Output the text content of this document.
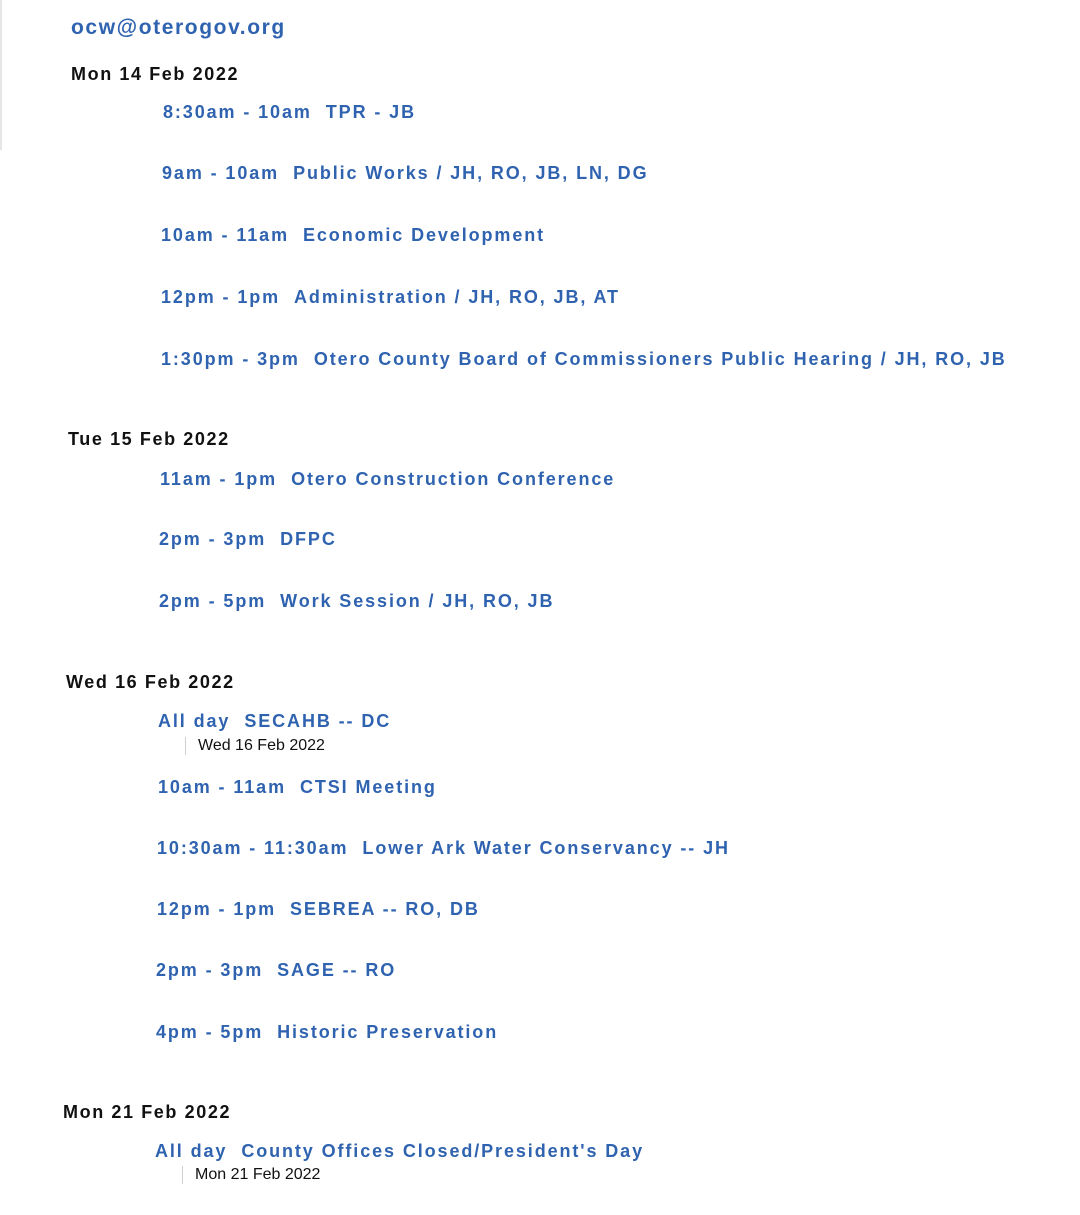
ocw@oterogov.org
Mon 14 Feb 2022
8:30am - 10am TPR - JB
9am - 10am Public Works / JH, RO, JB, LN, DG
10am - 11am Economic Development
12pm - 1pm Administration / JH, RO, JB, AT
1:30pm - 3pm Otero County Board of Commissioners Public Hearing / JH, RO, JB
Tue 15 Feb 2022
11am - 1pm Otero Construction Conference
2pm - 3pm DFPC
2pm - 5pm Work Session / JH, RO, JB
Wed 16 Feb 2022
All day SECAHB -- DC
Wed 16 Feb 2022
10am - 11am CTSI Meeting
10:30am - 11:30am Lower Ark Water Conservancy -- JH
12pm - 1pm SEBREA -- RO, DB
2pm - 3pm SAGE -- RO
4pm - 5pm Historic Preservation
Mon 21 Feb 2022
All day County Offices Closed/President's Day
Mon 21 Feb 2022
